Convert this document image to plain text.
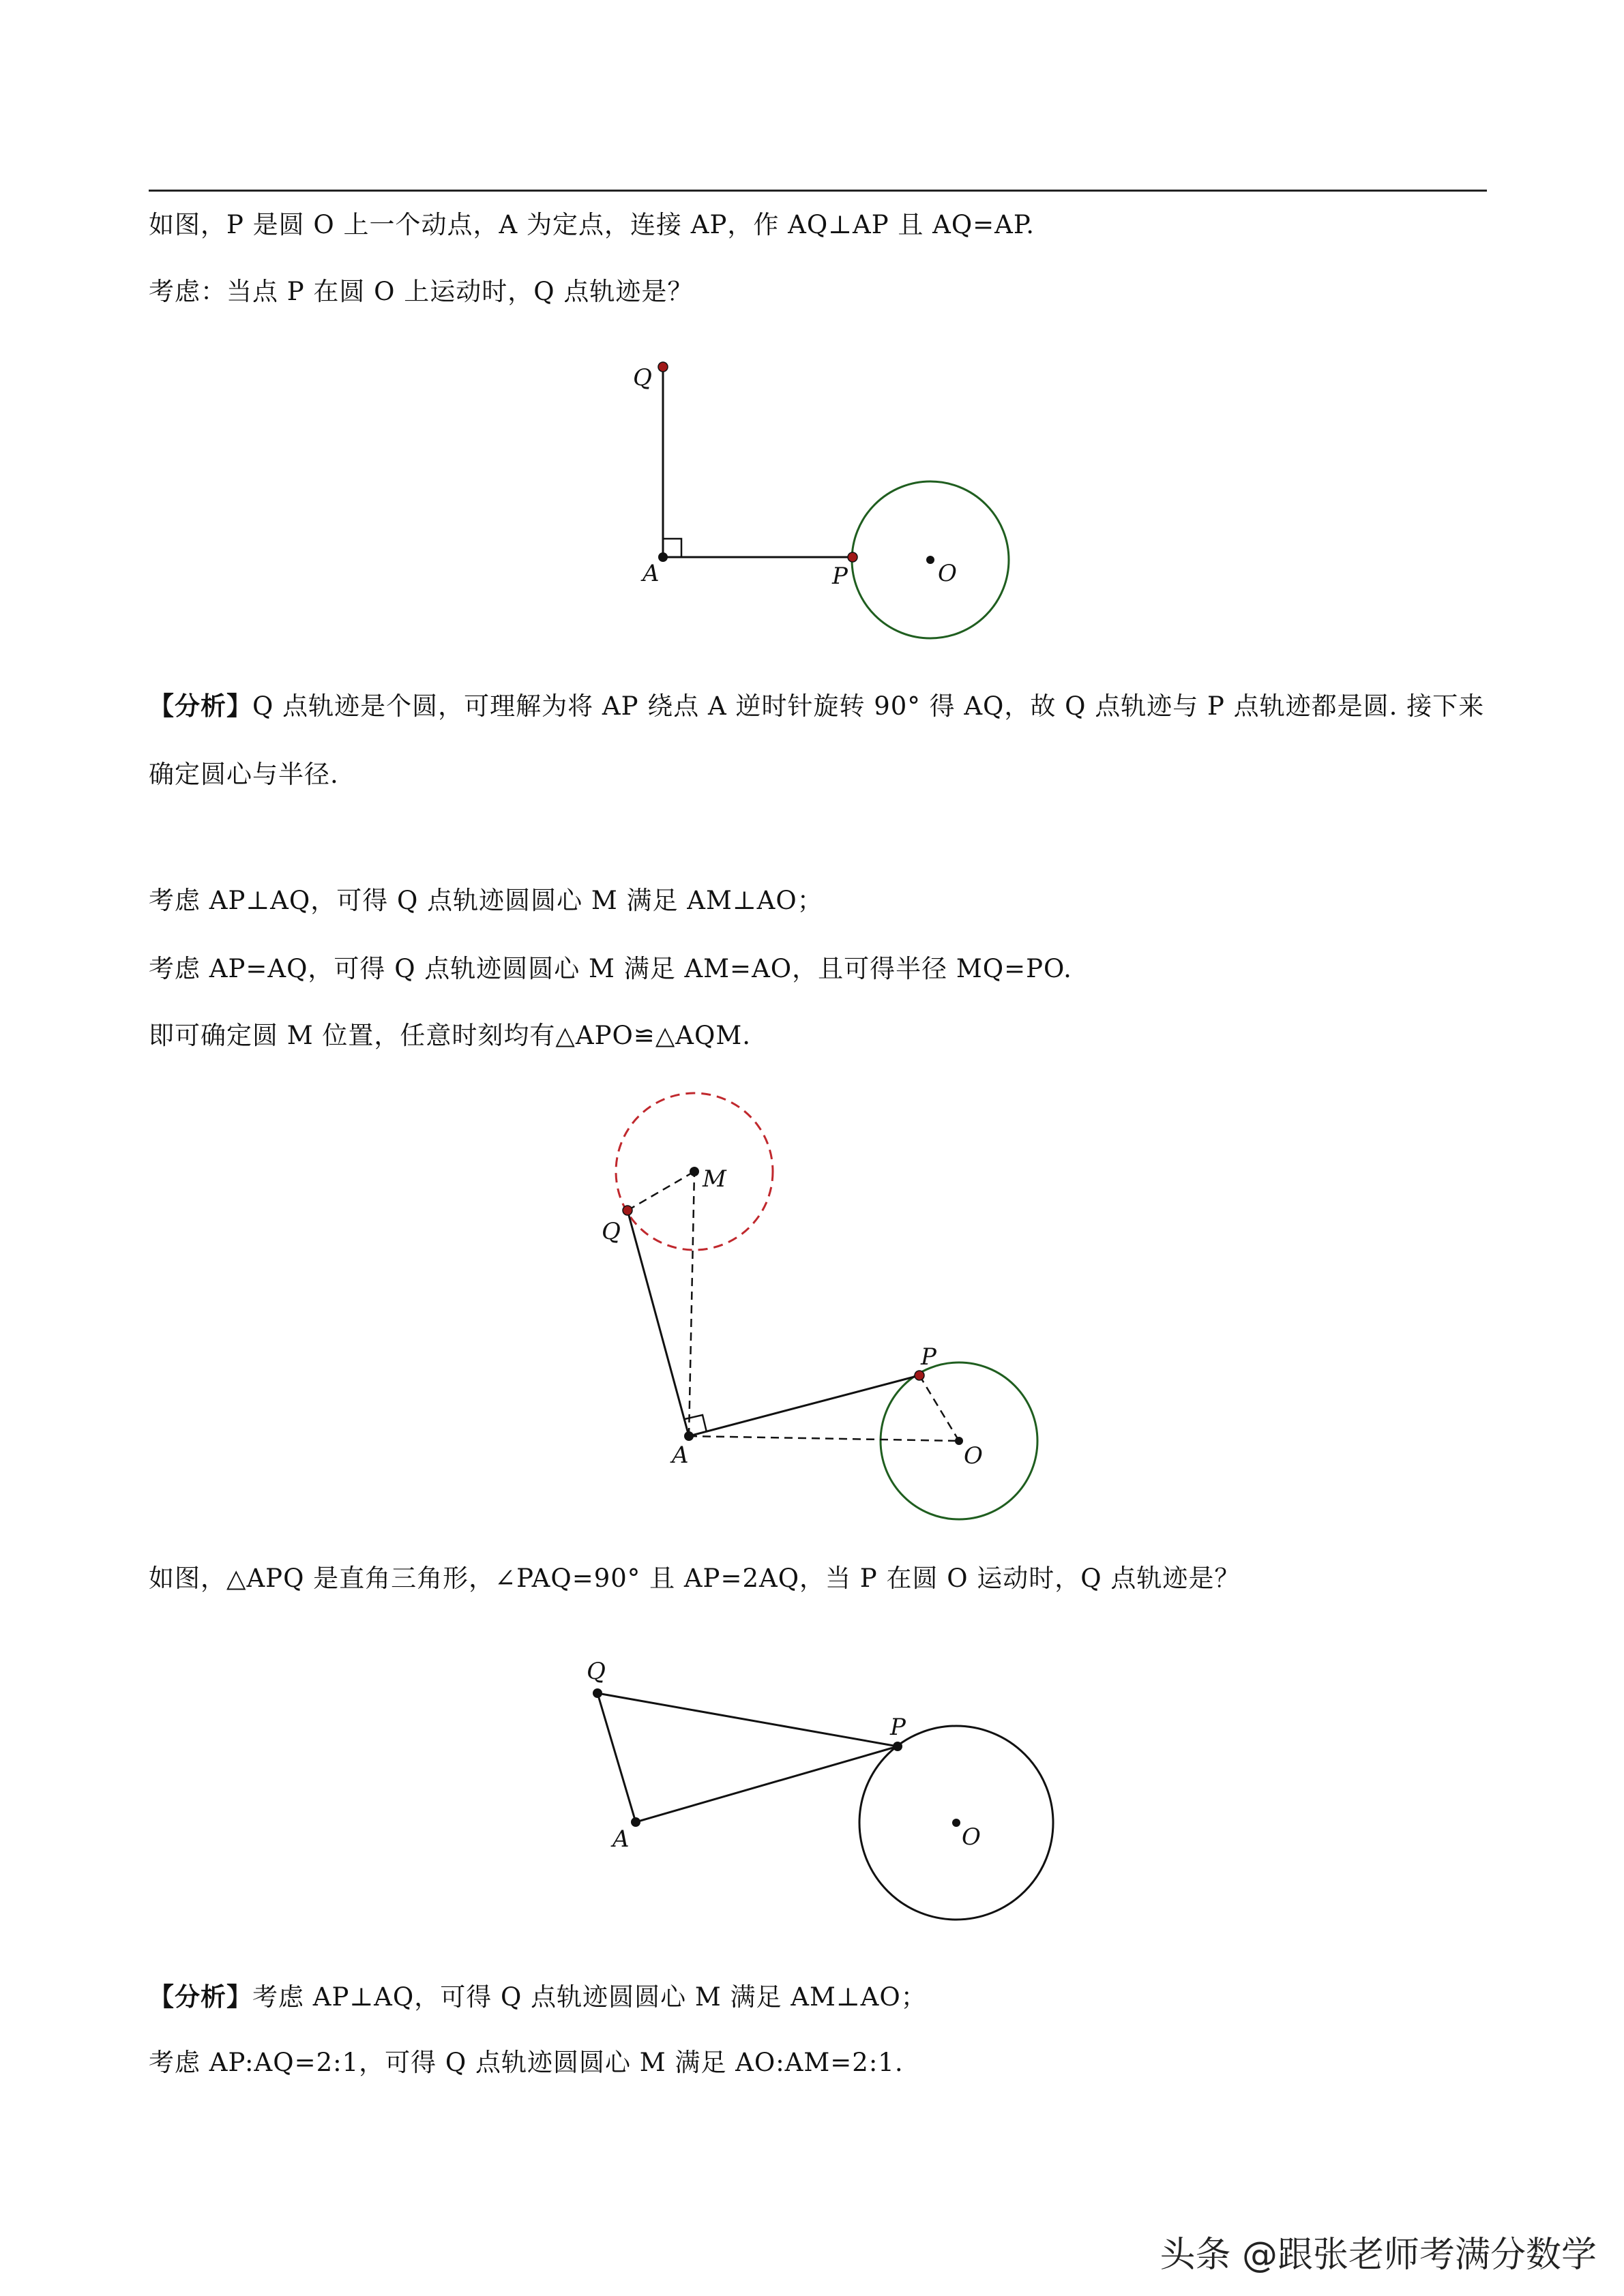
如图，P 是圆 O 上一个动点，A 为定点，连接 AP，作 AQ⊥AP 且 AQ=AP.

考虑：当点 P 在圆 O 上运动时，Q 点轨迹是？

Q
A	P	O

【分析】Q 点轨迹是个圆，可理解为将 AP 绕点 A 逆时针旋转 90° 得 AQ，故 Q 点轨迹与 P 点轨迹都是圆. 接下来确定圆心与半径.

考虑 AP⊥AQ，可得 Q 点轨迹圆圆心 M 满足 AM⊥AO；

考虑 AP=AQ，可得 Q 点轨迹圆圆心 M 满足 AM=AO，且可得半径 MQ=PO.

即可确定圆 M 位置，任意时刻均有△APO≌△AQM.

M
Q
P
A	O

如图，△APQ 是直角三角形，∠PAQ=90° 且 AP=2AQ，当 P 在圆 O 运动时，Q 点轨迹是？

Q
P
A	O

【分析】考虑 AP⊥AQ，可得 Q 点轨迹圆圆心 M 满足 AM⊥AO；

考虑 AP:AQ=2:1，可得 Q 点轨迹圆圆心 M 满足 AO:AM=2:1.

头条 @跟张老师考满分数学
